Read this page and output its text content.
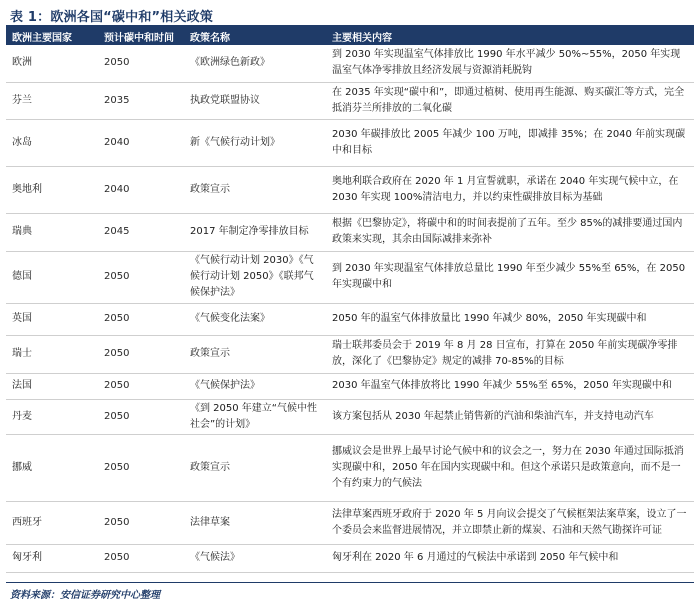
表 1：欧洲各国“碳中和”相关政策
欧洲主要国家	预计碳中和时间	政策名称	主要相关内容
欧洲	2050	《欧洲绿色新政》	到 2030 年实现温室气体排放比 1990 年水平减少 50%~55%，2050 年实现温室气体净零排放且经济发展与资源消耗脱钩
芬兰	2035	执政党联盟协议	在 2035 年实现“碳中和”，即通过植树、使用再生能源、购买碳汇等方式，完全抵消芬兰所排放的二氧化碳
冰岛	2040	新《气候行动计划》	2030 年碳排放比 2005 年减少 100 万吨，即减排 35%；在 2040 年前实现碳中和目标
奥地利	2040	政策宣示	奥地利联合政府在 2020 年 1 月宣誓就职，承诺在 2040 年实现气候中立，在 2030 年实现 100%清洁电力，并以约束性碳排放目标为基础
瑞典	2045	2017 年制定净零排放目标	根据《巴黎协定》，将碳中和的时间表提前了五年。至少 85%的减排要通过国内政策来实现，其余由国际减排来弥补
德国	2050	《气候行动计划 2030》《气候行动计划 2050》《联邦气候保护法》	到 2030 年实现温室气体排放总量比 1990 年至少减少 55%至 65%，在 2050 年实现碳中和
英国	2050	《气候变化法案》	2050 年的温室气体排放量比 1990 年减少 80%，2050 年实现碳中和
瑞士	2050	政策宣示	瑞士联邦委员会于 2019 年 8 月 28 日宣布，打算在 2050 年前实现碳净零排放，深化了《巴黎协定》规定的减排 70-85%的目标
法国	2050	《气候保护法》	2030 年温室气体排放将比 1990 年减少 55%至 65%，2050 年实现碳中和
丹麦	2050	《到 2050 年建立“气候中性社会”的计划》	该方案包括从 2030 年起禁止销售新的汽油和柴油汽车，并支持电动汽车
挪威	2050	政策宣示	挪威议会是世界上最早讨论气候中和的议会之一，努力在 2030 年通过国际抵消实现碳中和，2050 年在国内实现碳中和。但这个承诺只是政策意向，而不是一个有约束力的气候法
西班牙	2050	法律草案	法律草案西班牙政府于 2020 年 5 月向议会提交了气候框架法案草案，设立了一个委员会来监督进展情况，并立即禁止新的煤炭、石油和天然气勘探许可证
匈牙利	2050	《气候法》	匈牙利在 2020 年 6 月通过的气候法中承诺到 2050 年气候中和
资料来源：安信证券研究中心整理
